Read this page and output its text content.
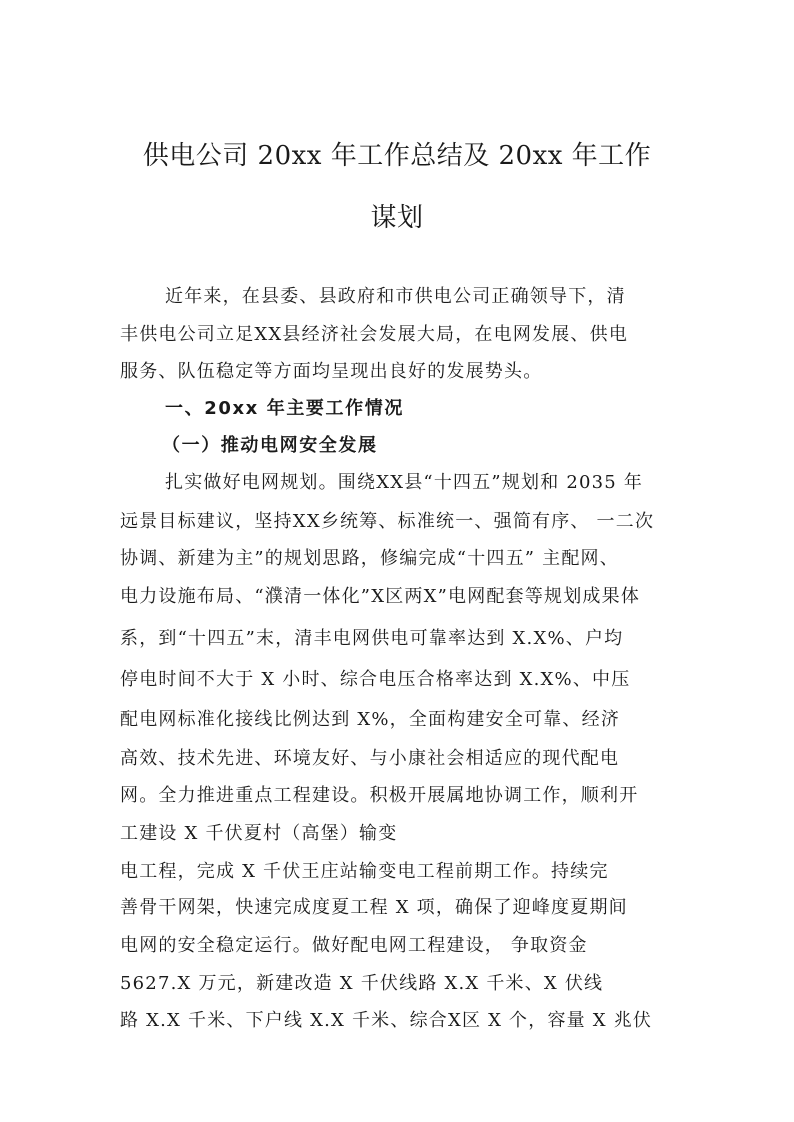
供电公司 20xx 年工作总结及 20xx 年工作
谋划
近年来，在县委、县政府和市供电公司正确领导下，清
丰供电公司立足XX县经济社会发展大局，在电网发展、供电
服务、队伍稳定等方面均呈现出良好的发展势头。
一、20xx 年主要工作情况
（一）推动电网安全发展
扎实做好电网规划。围绕XX县“十四五”规划和 2035 年
远景目标建议，坚持XX乡统筹、标准统一、强简有序、 一二次
协调、新建为主”的规划思路，修编完成“十四五” 主配网、
电力设施布局、“濮清一体化”X区两X”电网配套等规划成果体
系，到“十四五”末，清丰电网供电可靠率达到 X.X%、户均
停电时间不大于 X 小时、综合电压合格率达到 X.X%、中压
配电网标准化接线比例达到 X%，全面构建安全可靠、经济
高效、技术先进、环境友好、与小康社会相适应的现代配电
网。全力推进重点工程建设。积极开展属地协调工作，顺利开
工建设 X 千伏夏村（高堡）输变
电工程，完成 X 千伏王庄站输变电工程前期工作。持续完
善骨干网架，快速完成度夏工程 X 项，确保了迎峰度夏期间
电网的安全稳定运行。做好配电网工程建设， 争取资金
5627.X 万元，新建改造 X 千伏线路 X.X 千米、X 伏线
路 X.X 千米、下户线 X.X 千米、综合X区 X 个，容量 X 兆伏
